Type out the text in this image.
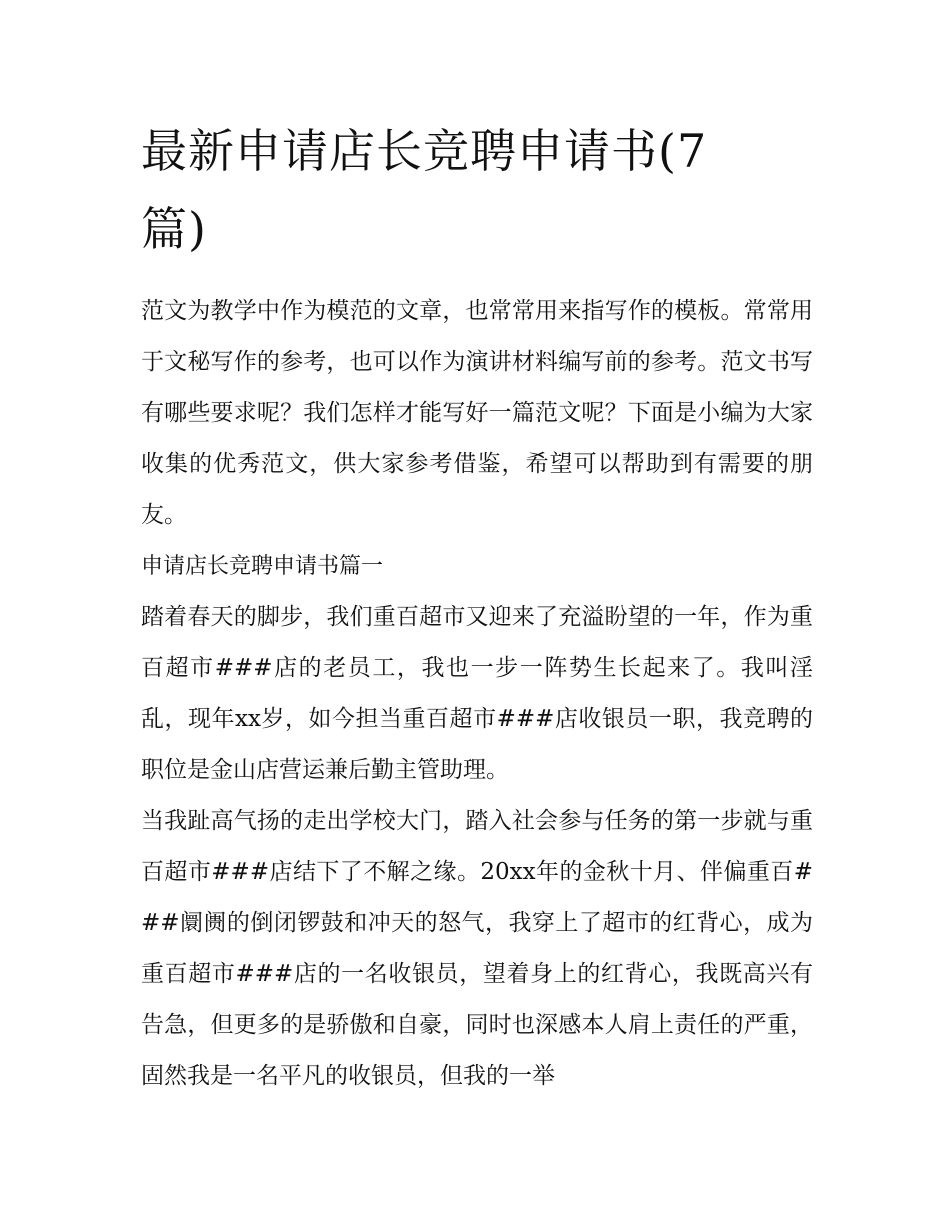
最新申请店长竞聘申请书(7篇)

范文为教学中作为模范的文章，也常常用来指写作的模板。常常用于文秘写作的参考，也可以作为演讲材料编写前的参考。范文书写有哪些要求呢？我们怎样才能写好一篇范文呢？下面是小编为大家收集的优秀范文，供大家参考借鉴，希望可以帮助到有需要的朋友。

申请店长竞聘申请书篇一

踏着春天的脚步，我们重百超市又迎来了充溢盼望的一年，作为重百超市###店的老员工，我也一步一阵势生长起来了。我叫淫乱，现年xx岁，如今担当重百超市###店收银员一职，我竞聘的职位是金山店营运兼后勤主管助理。

当我趾高气扬的走出学校大门，踏入社会参与任务的第一步就与重百超市###店结下了不解之缘。20xx年的金秋十月、伴偏重百###阛阓的倒闭锣鼓和冲天的怒气，我穿上了超市的红背心，成为重百超市###店的一名收银员，望着身上的红背心，我既高兴有告急，但更多的是骄傲和自豪，同时也深感本人肩上责任的严重，固然我是一名平凡的收银员，但我的一举
